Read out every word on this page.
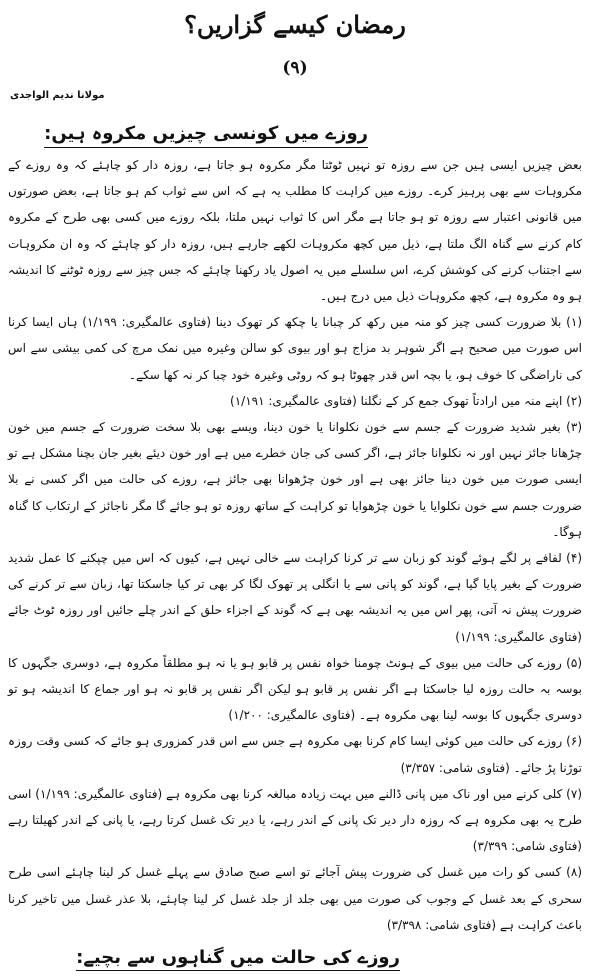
رمضان کیسے گزاریں؟
(۹)
مولانا ندیم الواجدی
روزے میں کونسی چیزیں مکروہ ہیں:

بعض چیزیں ایسی ہیں جن سے روزہ تو نہیں ٹوٹتا مگر مکروہ ہو جاتا ہے، روزہ دار کو چاہئے کہ وہ روزے کے مکروہات سے بھی پرہیز کرے۔ روزے میں کراہت کا مطلب یہ ہے کہ اس سے ثواب کم ہو جاتا ہے، بعض صورتوں میں قانونی اعتبار سے روزہ تو ہو جاتا ہے مگر اس کا ثواب نہیں ملتا، بلکہ روزے میں کسی بھی طرح کے مکروہ کام کرنے سے گناہ الگ ملتا ہے، ذیل میں کچھ مکروہات لکھے جارہے ہیں، روزہ دار کو چاہئے کہ وہ ان مکروہات سے اجتناب کرنے کی کوشش کرے، اس سلسلے میں یہ اصول یاد رکھنا چاہئے کہ جس چیز سے روزہ ٹوٹنے کا اندیشہ ہو وہ مکروہ ہے، کچھ مکروہات ذیل میں درج ہیں۔

(۱) بلا ضرورت کسی چیز کو منہ میں رکھ کر چبانا یا چکھ کر تھوک دینا (فتاوی عالمگیری: ۱/۱۹۹) ہاں ایسا کرنا اس صورت میں صحیح ہے اگر شوہر بد مزاج ہو اور بیوی کو سالن وغیرہ میں نمک مرچ کی کمی بیشی سے اس کی ناراضگی کا خوف ہو، یا بچہ اس قدر چھوٹا ہو کہ روٹی وغیرہ خود چبا کر نہ کھا سکے۔

(۲) اپنے منہ میں ارادتاً تھوک جمع کر کے نگلنا (فتاوی عالمگیری: ۱/۱۹۱)

(۳) بغیر شدید ضرورت کے جسم سے خون نکلوانا یا خون دینا، ویسے بھی بلا سخت ضرورت کے جسم میں خون چڑھانا جائز نہیں اور نہ نکلوانا جائز ہے، اگر کسی کی جان خطرے میں ہے اور خون دیئے بغیر جان بچنا مشکل ہے تو ایسی صورت میں خون دینا جائز بھی ہے اور خون چڑھوانا بھی جائز ہے، روزے کی حالت میں اگر کسی نے بلا ضرورت جسم سے خون نکلوایا یا خون چڑھوایا تو کراہت کے ساتھ روزہ تو ہو جائے گا مگر ناجائز کے ارتکاب کا گناہ ہوگا۔

(۴) لفافے پر لگے ہوئے گوند کو زبان سے تر کرنا کراہت سے خالی نہیں ہے، کیوں کہ اس میں چپکنے کا عمل شدید ضرورت کے بغیر پایا گیا ہے، گوند کو پانی سے یا انگلی پر تھوک لگا کر بھی تر کیا جاسکتا تھا، زبان سے تر کرنے کی ضرورت پیش نہ آتی، پھر اس میں یہ اندیشہ بھی ہے کہ گوند کے اجزاء حلق کے اندر چلے جائیں اور روزہ ٹوٹ جائے (فتاوی عالمگیری: ۱/۱۹۹)

(۵) روزے کی حالت میں بیوی کے ہونٹ چومنا خواہ نفس پر قابو ہو یا نہ ہو مطلقاً مکروہ ہے، دوسری جگہوں کا بوسہ بہ حالت روزہ لیا جاسکتا ہے اگر نفس پر قابو ہو لیکن اگر نفس پر قابو نہ ہو اور جماع کا اندیشہ ہو تو دوسری جگہوں کا بوسہ لینا بھی مکروہ ہے۔ (فتاوی عالمگیری: ۱/۲۰۰)

(۶) روزے کی حالت میں کوئی ایسا کام کرنا بھی مکروہ ہے جس سے اس قدر کمزوری ہو جائے کہ کسی وقت روزہ توڑنا پڑ جائے۔ (فتاوی شامی: ۳/۳۵۷)

(۷) کلی کرنے میں اور ناک میں پانی ڈالنے میں بہت زیادہ مبالغہ کرنا بھی مکروہ ہے (فتاوی عالمگیری: ۱/۱۹۹) اسی طرح یہ بھی مکروہ ہے کہ روزہ دار دیر تک پانی کے اندر رہے، یا دیر تک غسل کرتا رہے، یا پانی کے اندر کھیلتا رہے (فتاوی شامی: ۳/۳۹۹)

(۸) کسی کو رات میں غسل کی ضرورت پیش آجائے تو اسے صبح صادق سے پہلے غسل کر لینا چاہئے اسی طرح سحری کے بعد غسل کے وجوب کی صورت میں بھی جلد از جلد غسل کر لینا چاہئے، بلا عذر غسل میں تاخیر کرنا باعث کراہت ہے (فتاوی شامی: ۳/۳۹۸)

روزے کی حالت میں گناہوں سے بچیے:
